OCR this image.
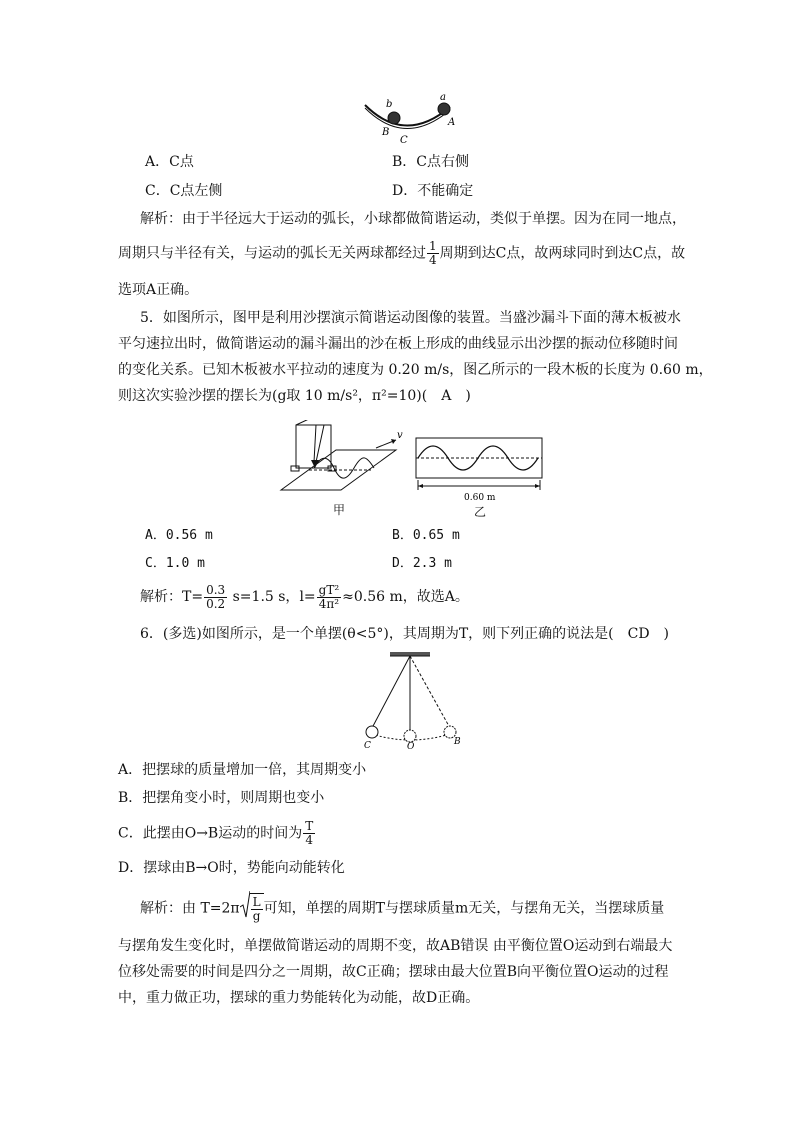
b
a
B
A
C
A．C点	B．C点右侧
C．C点左侧	D．不能确定
解析：由于半径远大于运动的弧长，小球都做简谐运动，类似于单摆。因为在同一地点，
周期只与半径有关，与运动的弧长无关两球都经过 $\frac{1}{4}$ 周期到达C点，故两球同时到达C点，故
选项A正确。
5．如图所示，图甲是利用沙摆演示简谐运动图像的装置。当盛沙漏斗下面的薄木板被水
平匀速拉出时，做简谐运动的漏斗漏出的沙在板上形成的曲线显示出沙摆的振动位移随时间
的变化关系。已知木板被水平拉动的速度为 0.20 m/s，图乙所示的一段木板的长度为 0.60 m，
则这次实验沙摆的摆长为(g取 10 m/s²，π²=10)(　A　)
v
甲
0.60 m
乙
A．0.56 m	B．0.65 m
C．1.0 m	D．2.3 m
解析：$T= \frac{0.3}{0.2} s=1.5$ s，$l= \frac{\text{gT²}}{\text{4π²}} \approx 0.56$ m，故选A。
6．(多选)如图所示，是一个单摆(θ<5°)，其周期为T，则下列正确的说法是(　CD　)
C	O	B
A．把摆球的质量增加一倍，其周期变小
B．把摆角变小时，则周期也变小
C．此摆由O→B运动的时间为 $\frac{T}{4}$
D．摆球由B→O时，势能向动能转化
解析：由 $T=2\pi \frac{L}{g}$ 可知，单摆的周期T与摆球质量m无关，与摆角无关，当摆球质量
与摆角发生变化时，单摆做简谐运动的周期不变，故AB错误 由平衡位置O运动到右端最大
位移处需要的时间是四分之一周期，故C正确；摆球由最大位置B向平衡位置O运动的过程
中，重力做正功，摆球的重力势能转化为动能，故D正确。
